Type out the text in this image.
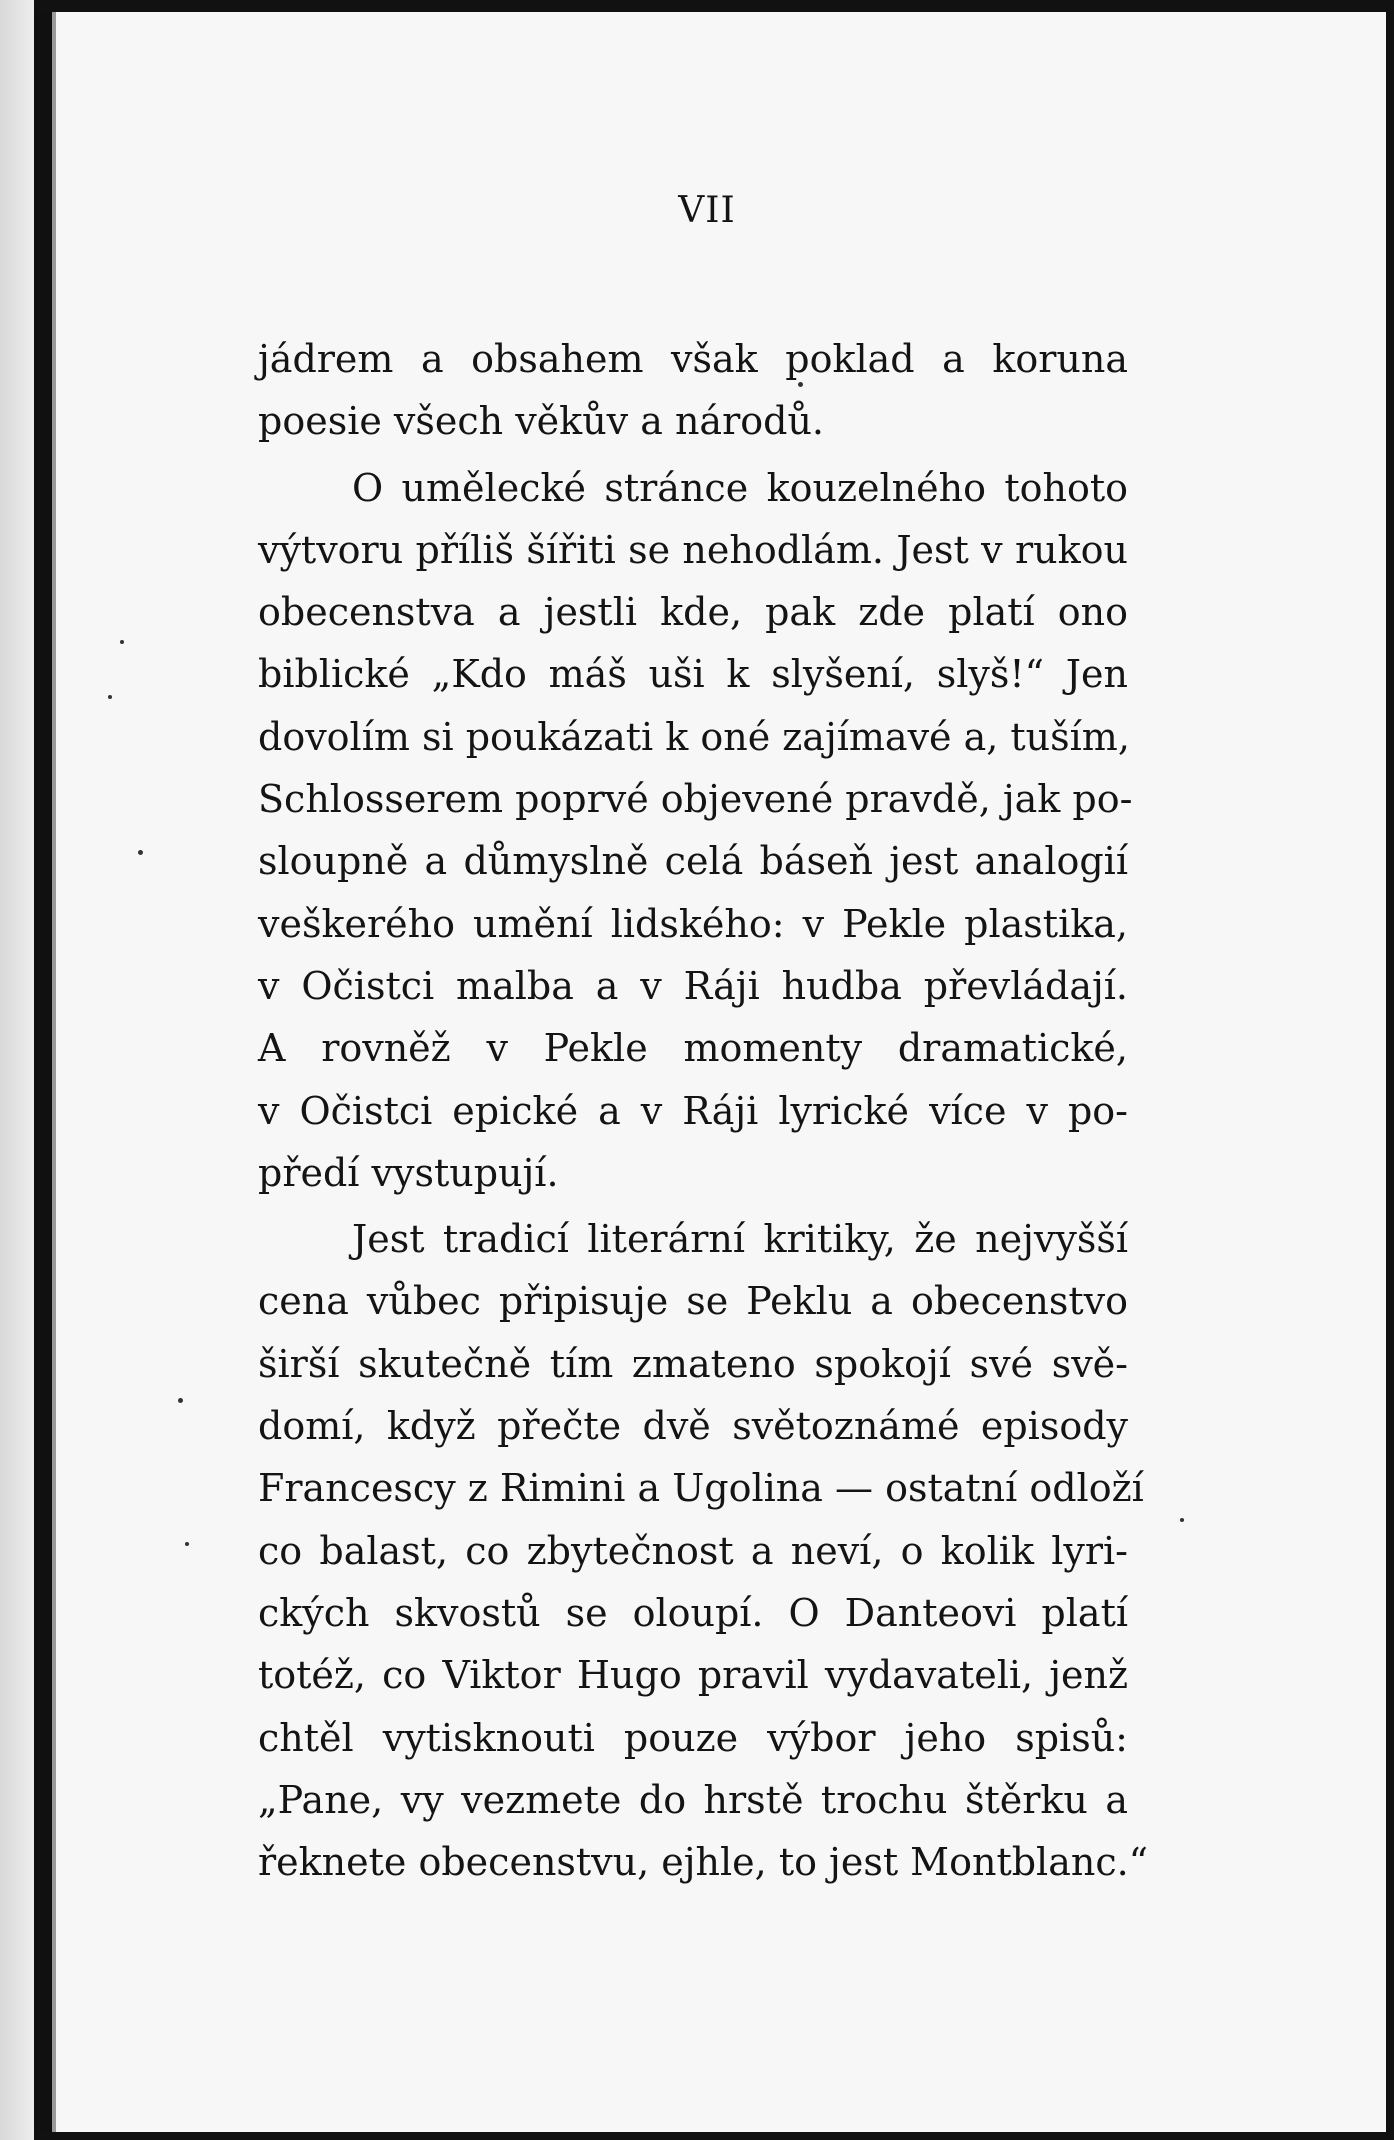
VII
jádrem a obsahem však poklad a koruna
poesie všech věkův a národů.
O umělecké stránce kouzelného tohoto
výtvoru příliš šířiti se nehodlám. Jest v rukou
obecenstva a jestli kde, pak zde platí ono
biblické „Kdo máš uši k slyšení, slyš!“ Jen
dovolím si poukázati k oné zajímavé a, tuším,
Schlosserem poprvé objevené pravdě, jak po-
sloupně a důmyslně celá báseň jest analogií
veškerého umění lidského: v Pekle plastika,
v Očistci malba a v Ráji hudba převládají.
A rovněž v Pekle momenty dramatické,
v Očistci epické a v Ráji lyrické více v po-
předí vystupují.
Jest tradicí literární kritiky, že nejvyšší
cena vůbec připisuje se Peklu a obecenstvo
širší skutečně tím zmateno spokojí své svě-
domí, když přečte dvě světoznámé episody
Francescy z Rimini a Ugolina — ostatní odloží
co balast, co zbytečnost a neví, o kolik lyri-
ckých skvostů se oloupí. O Danteovi platí
totéž, co Viktor Hugo pravil vydavateli, jenž
chtěl vytisknouti pouze výbor jeho spisů:
„Pane, vy vezmete do hrstě trochu štěrku a
řeknete obecenstvu, ejhle, to jest Montblanc.“
